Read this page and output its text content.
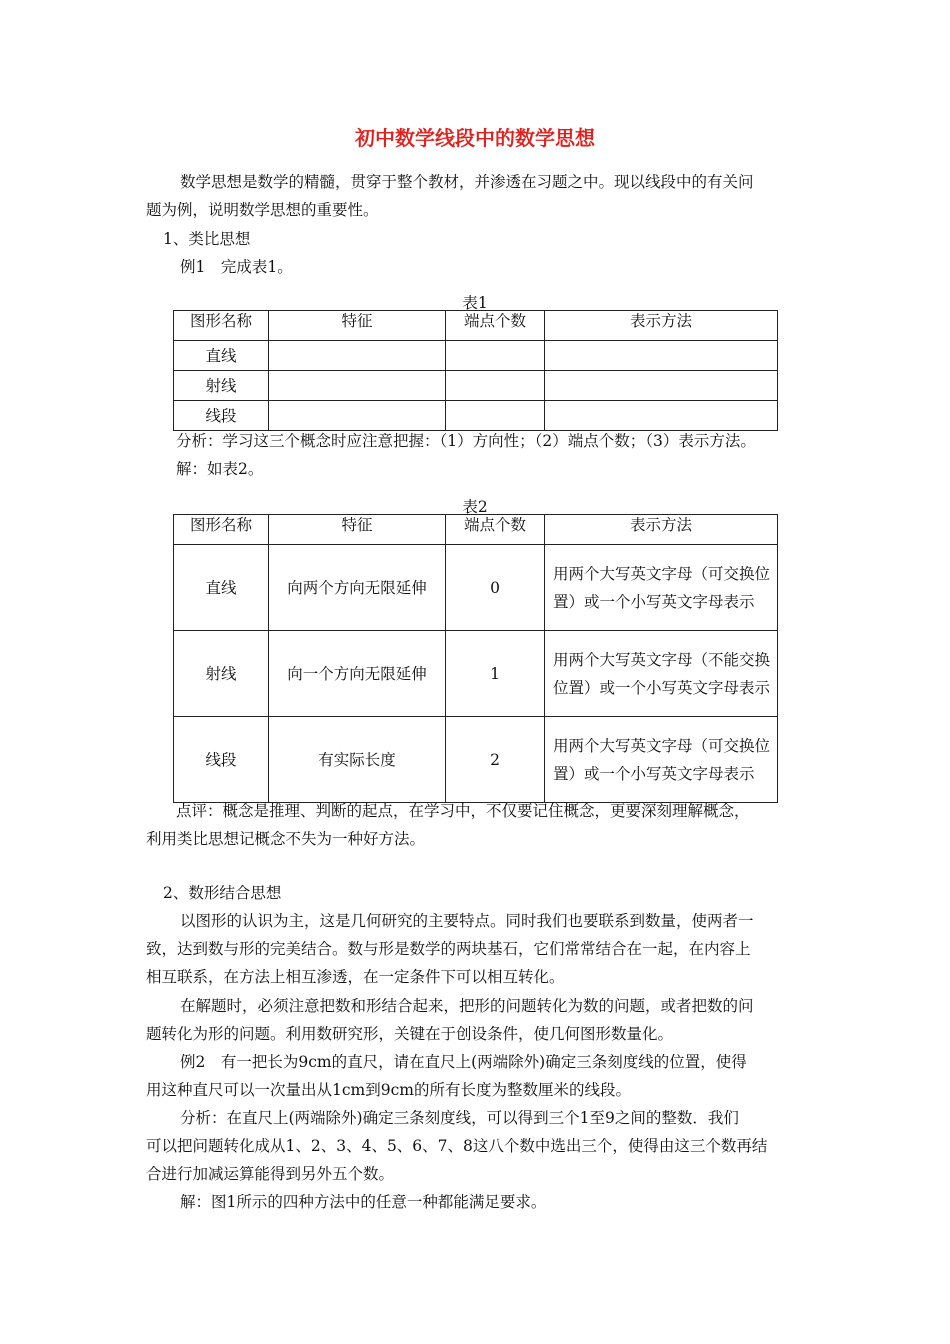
初中数学线段中的数学思想
数学思想是数学的精髓，贯穿于整个教材，并渗透在习题之中。现以线段中的有关问
题为例，说明数学思想的重要性。
1、类比思想
例1　完成表1。
表1
图形名称	特征	端点个数	表示方法
直线			
射线			
线段			
分析：学习这三个概念时应注意把握：（1）方向性；（2）端点个数；（3）表示方法。
解：如表2。
表2
图形名称	特征	端点个数	表示方法
直线	向两个方向无限延伸	0	用两个大写英文字母（可交换位置）或一个小写英文字母表示
射线	向一个方向无限延伸	1	用两个大写英文字母（不能交换位置）或一个小写英文字母表示
线段	有实际长度	2	用两个大写英文字母（可交换位置）或一个小写英文字母表示
点评：概念是推理、判断的起点，在学习中，不仅要记住概念，更要深刻理解概念，
利用类比思想记概念不失为一种好方法。
2、数形结合思想
以图形的认识为主，这是几何研究的主要特点。同时我们也要联系到数量，使两者一
致，达到数与形的完美结合。数与形是数学的两块基石，它们常常结合在一起，在内容上
相互联系，在方法上相互渗透，在一定条件下可以相互转化。
在解题时，必须注意把数和形结合起来，把形的问题转化为数的问题，或者把数的问
题转化为形的问题。利用数研究形，关键在于创设条件，使几何图形数量化。
例2　有一把长为9cm的直尺，请在直尺上(两端除外)确定三条刻度线的位置，使得
用这种直尺可以一次量出从1cm到9cm的所有长度为整数厘米的线段。
分析：在直尺上(两端除外)确定三条刻度线，可以得到三个1至9之间的整数．我们
可以把问题转化成从1、2、3、4、5、6、7、8这八个数中选出三个，使得由这三个数再结
合进行加减运算能得到另外五个数。
解：图1所示的四种方法中的任意一种都能满足要求。
